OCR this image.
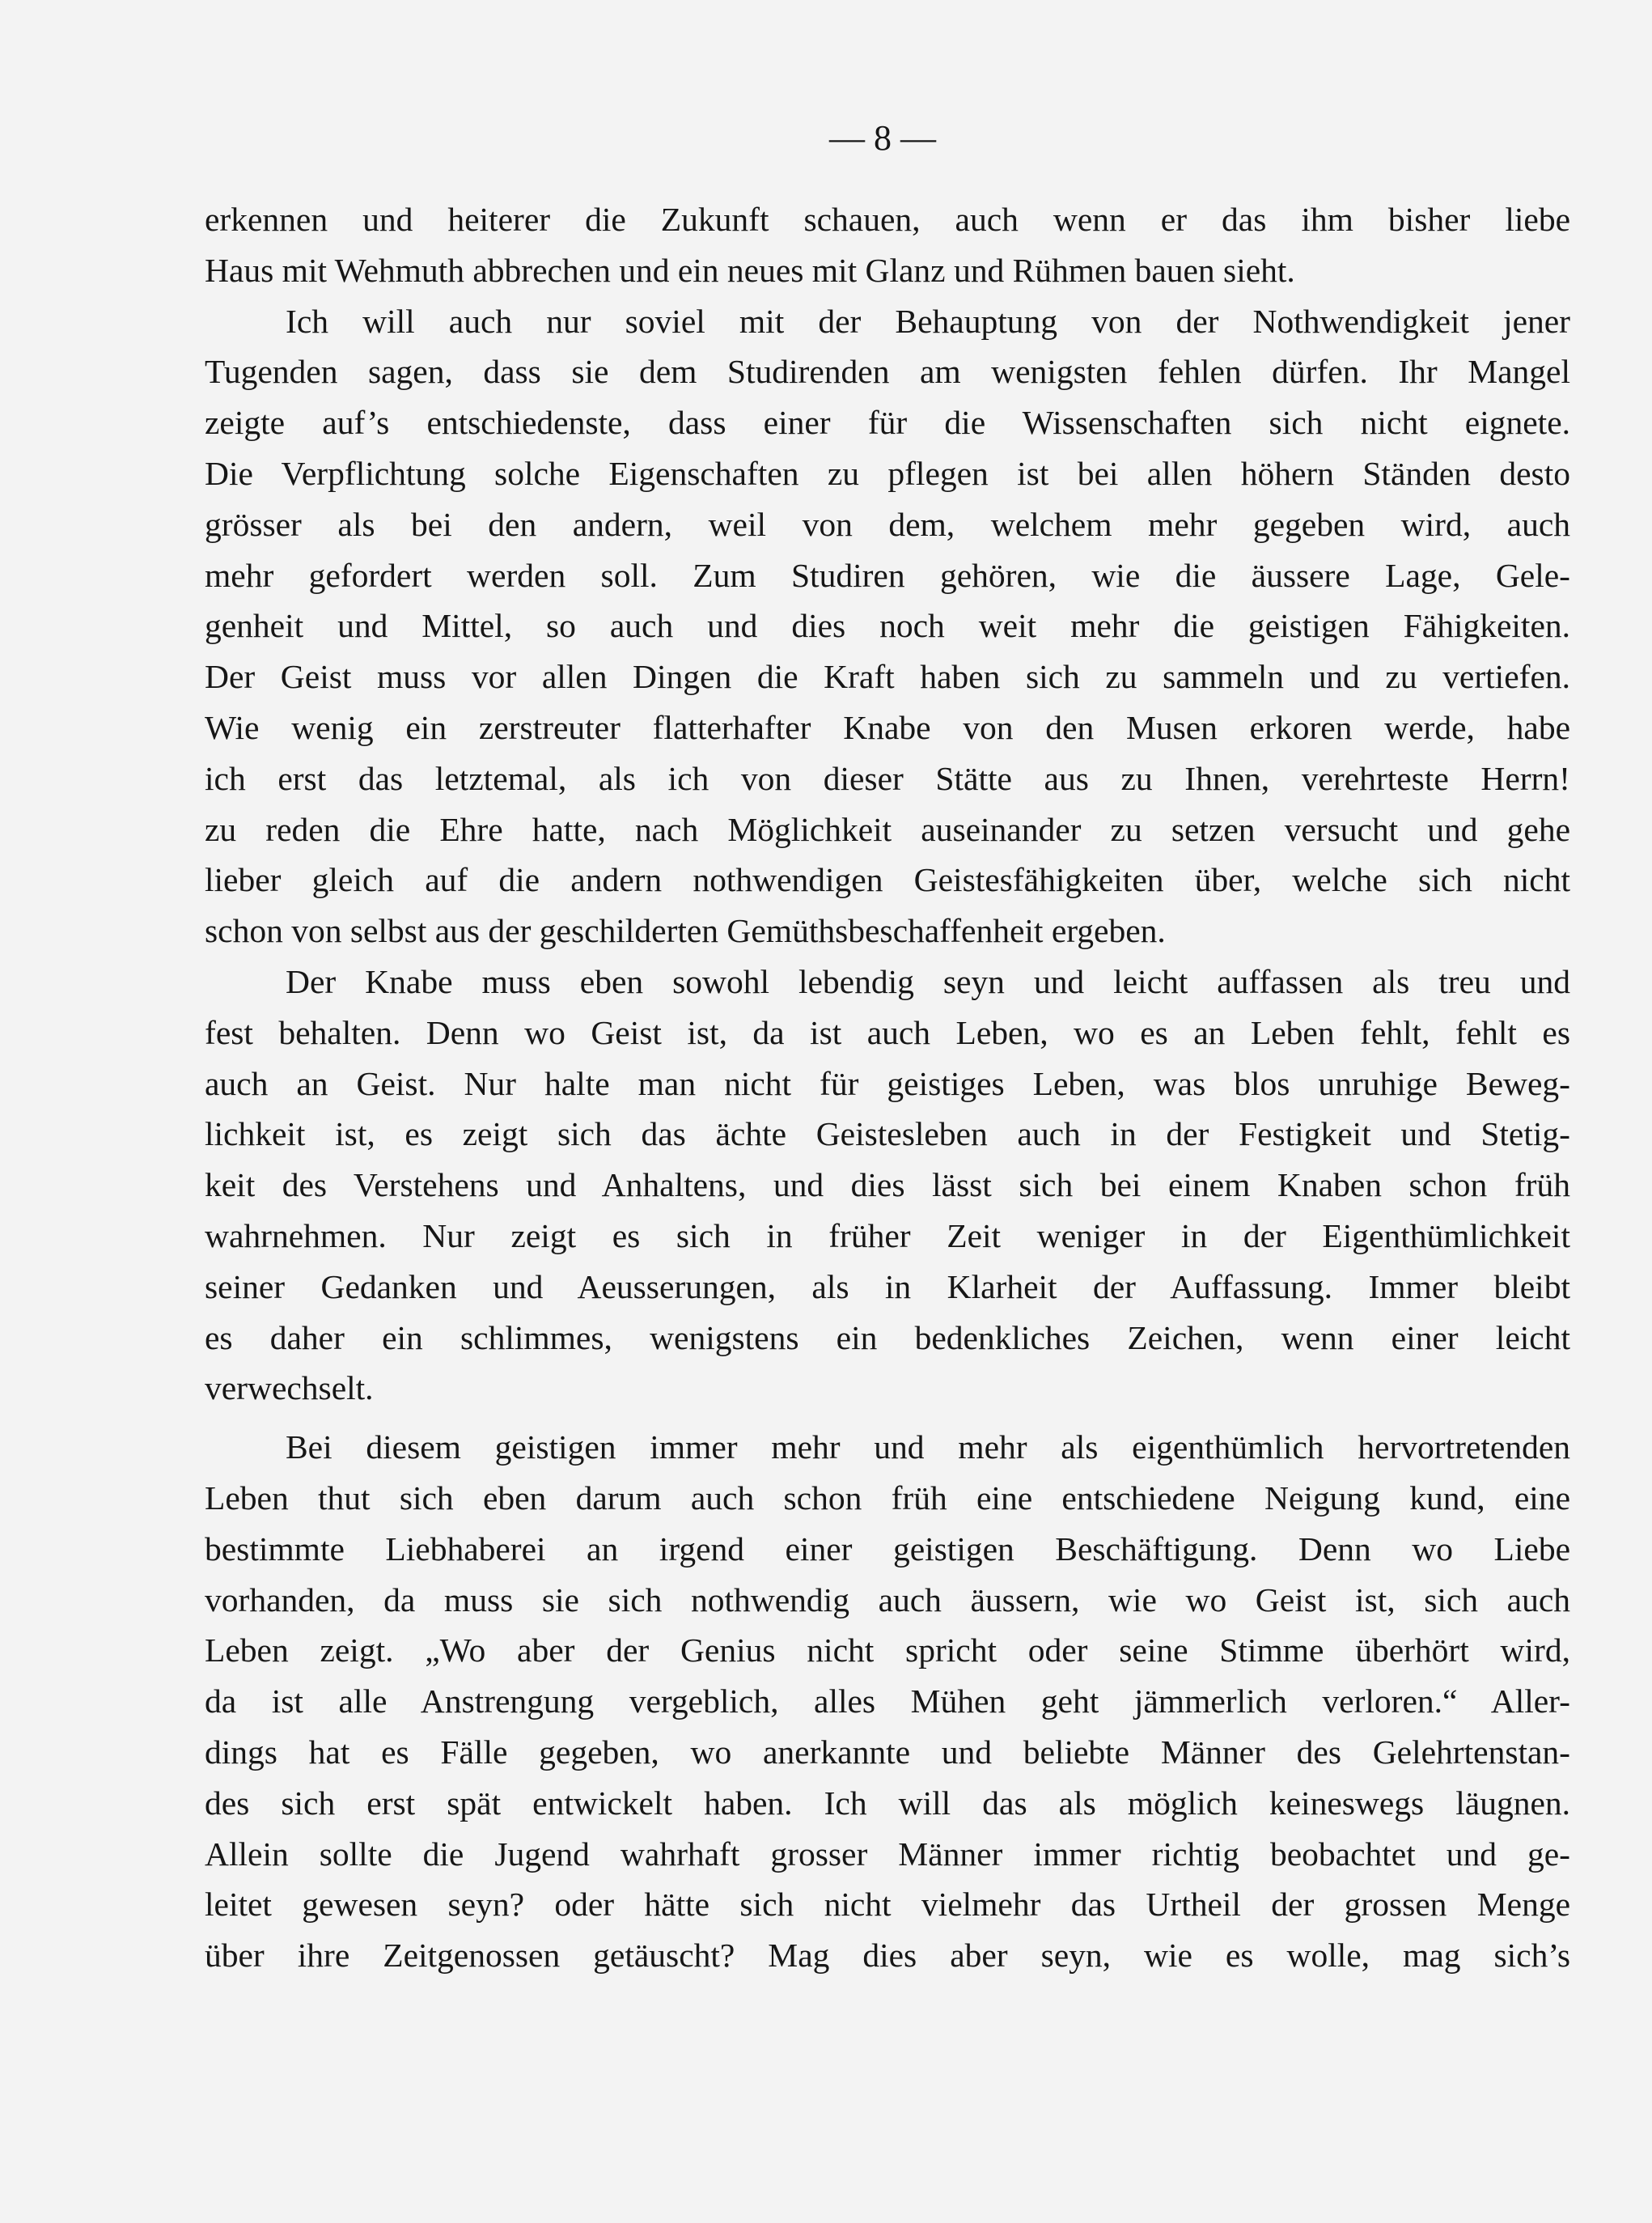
— 8 —
erkennen und heiterer die Zukunft schauen, auch wenn er das ihm bisher liebe
Haus mit Wehmuth abbrechen und ein neues mit Glanz und Rühmen bauen sieht.
Ich will auch nur soviel mit der Behauptung von der Nothwendigkeit jener
Tugenden sagen, dass sie dem Studirenden am wenigsten fehlen dürfen. Ihr Mangel
zeigte auf’s entschiedenste, dass einer für die Wissenschaften sich nicht eignete.
Die Verpflichtung solche Eigenschaften zu pflegen ist bei allen höhern Ständen desto
grösser als bei den andern, weil von dem, welchem mehr gegeben wird, auch
mehr gefordert werden soll. Zum Studiren gehören, wie die äussere Lage, Gele-
genheit und Mittel, so auch und dies noch weit mehr die geistigen Fähigkeiten.
Der Geist muss vor allen Dingen die Kraft haben sich zu sammeln und zu vertiefen.
Wie wenig ein zerstreuter flatterhafter Knabe von den Musen erkoren werde, habe
ich erst das letztemal, als ich von dieser Stätte aus zu Ihnen, verehrteste Herrn!
zu reden die Ehre hatte, nach Möglichkeit auseinander zu setzen versucht und gehe
lieber gleich auf die andern nothwendigen Geistesfähigkeiten über, welche sich nicht
schon von selbst aus der geschilderten Gemüthsbeschaffenheit ergeben.
Der Knabe muss eben sowohl lebendig seyn und leicht auffassen als treu und
fest behalten. Denn wo Geist ist, da ist auch Leben, wo es an Leben fehlt, fehlt es
auch an Geist. Nur halte man nicht für geistiges Leben, was blos unruhige Beweg-
lichkeit ist, es zeigt sich das ächte Geistesleben auch in der Festigkeit und Stetig-
keit des Verstehens und Anhaltens, und dies lässt sich bei einem Knaben schon früh
wahrnehmen. Nur zeigt es sich in früher Zeit weniger in der Eigenthümlichkeit
seiner Gedanken und Aeusserungen, als in Klarheit der Auffassung. Immer bleibt
es daher ein schlimmes, wenigstens ein bedenkliches Zeichen, wenn einer leicht
verwechselt.
Bei diesem geistigen immer mehr und mehr als eigenthümlich hervortretenden
Leben thut sich eben darum auch schon früh eine entschiedene Neigung kund, eine
bestimmte Liebhaberei an irgend einer geistigen Beschäftigung. Denn wo Liebe
vorhanden, da muss sie sich nothwendig auch äussern, wie wo Geist ist, sich auch
Leben zeigt. „Wo aber der Genius nicht spricht oder seine Stimme überhört wird,
da ist alle Anstrengung vergeblich, alles Mühen geht jämmerlich verloren.“ Aller-
dings hat es Fälle gegeben, wo anerkannte und beliebte Männer des Gelehrtenstan-
des sich erst spät entwickelt haben. Ich will das als möglich keineswegs läugnen.
Allein sollte die Jugend wahrhaft grosser Männer immer richtig beobachtet und ge-
leitet gewesen seyn? oder hätte sich nicht vielmehr das Urtheil der grossen Menge
über ihre Zeitgenossen getäuscht? Mag dies aber seyn, wie es wolle, mag sich’s
